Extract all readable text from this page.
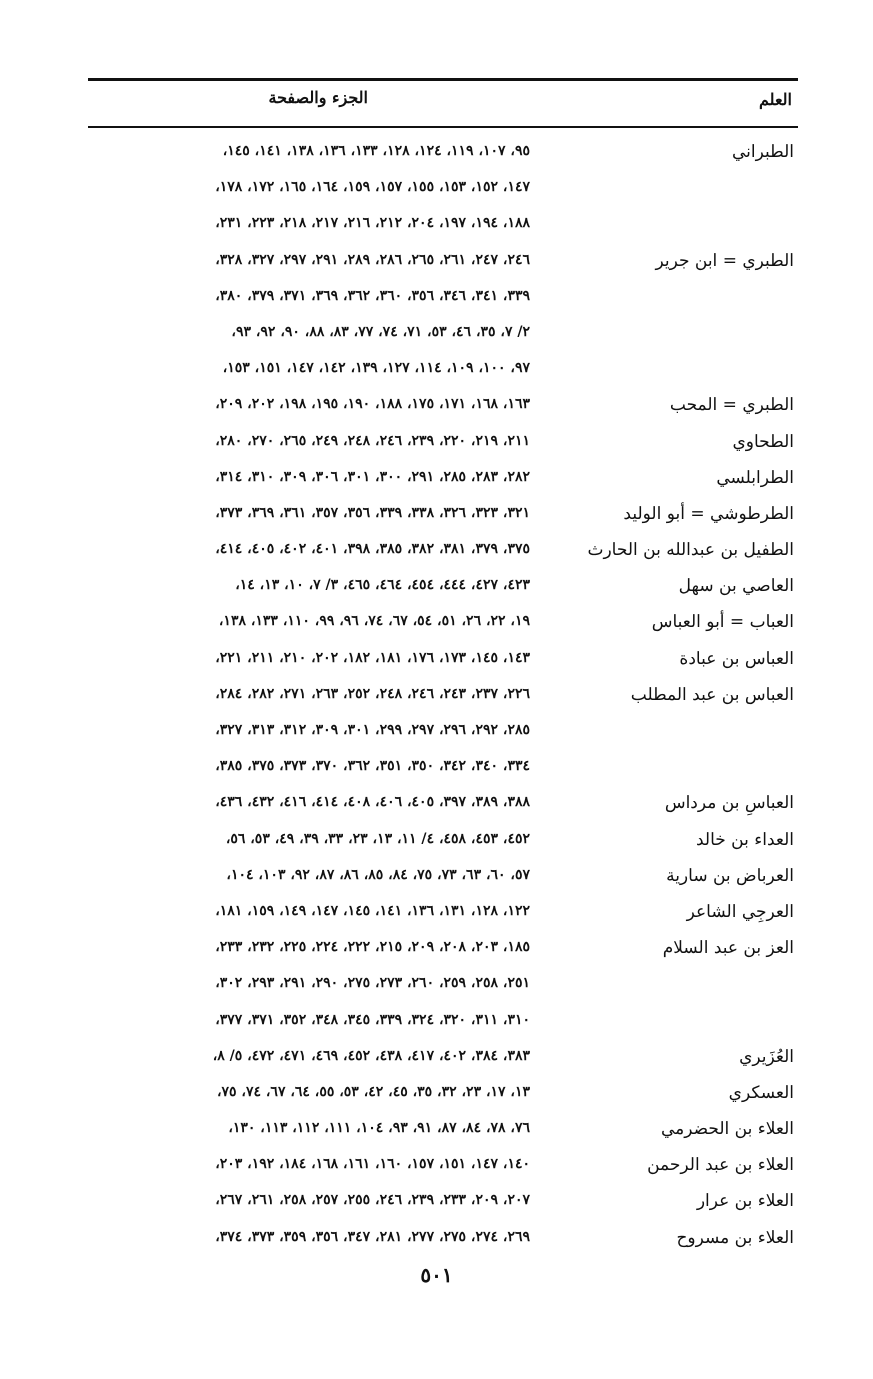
العلم
الجزء والصفحة
الطبراني
٩٥، ١٠٧، ١١٩، ١٢٤، ١٢٨، ١٣٣، ١٣٦، ١٣٨، ١٤١، ١٤٥،
١٤٧، ١٥٢، ١٥٣، ١٥٥، ١٥٧، ١٥٩، ١٦٤، ١٦٥، ١٧٢، ١٧٨،
١٨٨، ١٩٤، ١٩٧، ٢٠٤، ٢١٢، ٢١٦، ٢١٧، ٢١٨، ٢٢٣، ٢٣١،
الطبري = ابن جرير
٢٤٦، ٢٤٧، ٢٦١، ٢٦٥، ٢٨٦، ٢٨٩، ٢٩١، ٢٩٧، ٣٢٧، ٣٢٨،
٣٣٩، ٣٤١، ٣٤٦، ٣٥٦، ٣٦٠، ٣٦٢، ٣٦٩، ٣٧١، ٣٧٩، ٣٨٠،
٢/ ٧، ٣٥، ٤٦، ٥٣، ٧١، ٧٤، ٧٧، ٨٣، ٨٨، ٩٠، ٩٢، ٩٣،
٩٧، ١٠٠، ١٠٩، ١١٤، ١٢٧، ١٣٩، ١٤٢، ١٤٧، ١٥١، ١٥٣،
الطبري = المحب
١٦٣، ١٦٨، ١٧١، ١٧٥، ١٨٨، ١٩٠، ١٩٥، ١٩٨، ٢٠٢، ٢٠٩،
الطحاوي
٢١١، ٢١٩، ٢٢٠، ٢٣٩، ٢٤٦، ٢٤٨، ٢٤٩، ٢٦٥، ٢٧٠، ٢٨٠،
الطرابلسي
٢٨٢، ٢٨٣، ٢٨٥، ٢٩١، ٣٠٠، ٣٠١، ٣٠٦، ٣٠٩، ٣١٠، ٣١٤،
الطرطوشي = أبو الوليد
٣٢١، ٣٢٣، ٣٢٦، ٣٣٨، ٣٣٩، ٣٥٦، ٣٥٧، ٣٦١، ٣٦٩، ٣٧٣،
الطفيل بن عبدالله بن الحارث
٣٧٥، ٣٧٩، ٣٨١، ٣٨٢، ٣٨٥، ٣٩٨، ٤٠١، ٤٠٢، ٤٠٥، ٤١٤،
العاصي بن سهل
٤٢٣، ٤٢٧، ٤٤٤، ٤٥٤، ٤٦٤، ٤٦٥، ٣/ ٧، ١٠، ١٣، ١٤،
العباب = أبو العباس
١٩، ٢٢، ٢٦، ٥١، ٥٤، ٦٧، ٧٤، ٩٦، ٩٩، ١١٠، ١٣٣، ١٣٨،
العباس بن عبادة
١٤٣، ١٤٥، ١٧٣، ١٧٦، ١٨١، ١٨٢، ٢٠٢، ٢١٠، ٢١١، ٢٢١،
العباس بن عبد المطلب
٢٢٦، ٢٣٧، ٢٤٣، ٢٤٦، ٢٤٨، ٢٥٢، ٢٦٣، ٢٧١، ٢٨٢، ٢٨٤،
٢٨٥، ٢٩٢، ٢٩٦، ٢٩٧، ٢٩٩، ٣٠١، ٣٠٩، ٣١٢، ٣١٣، ٣٢٧،
٣٣٤، ٣٤٠، ٣٤٢، ٣٥٠، ٣٥١، ٣٦٢، ٣٧٠، ٣٧٣، ٣٧٥، ٣٨٥،
العباسِ بن مرداس
٣٨٨، ٣٨٩، ٣٩٧، ٤٠٥، ٤٠٦، ٤٠٨، ٤١٤، ٤١٦، ٤٣٢، ٤٣٦،
العداء بن خالد
٤٥٢، ٤٥٣، ٤٥٨، ٤/ ١١، ١٣، ٢٣، ٣٣، ٣٩، ٤٩، ٥٣، ٥٦،
العرباض بن سارية
٥٧، ٦٠، ٦٣، ٧٣، ٧٥، ٨٤، ٨٥، ٨٦، ٨٧، ٩٢، ١٠٣، ١٠٤،
العرجِي الشاعر
١٢٢، ١٢٨، ١٣١، ١٣٦، ١٤١، ١٤٥، ١٤٧، ١٤٩، ١٥٩، ١٨١،
العز بن عبد السلام
١٨٥، ٢٠٣، ٢٠٨، ٢٠٩، ٢١٥، ٢٢٢، ٢٢٤، ٢٢٥، ٢٣٢، ٢٣٣،
٢٥١، ٢٥٨، ٢٥٩، ٢٦٠، ٢٧٣، ٢٧٥، ٢٩٠، ٢٩١، ٢٩٣، ٣٠٢،
٣١٠، ٣١١، ٣٢٠، ٣٢٤، ٣٣٩، ٣٤٥، ٣٤٨، ٣٥٢، ٣٧١، ٣٧٧،
العُزَيري
٣٨٣، ٣٨٤، ٤٠٢، ٤١٧، ٤٣٨، ٤٥٢، ٤٦٩، ٤٧١، ٤٧٢، ٥/ ٨،
العسكري
١٣، ١٧، ٢٣، ٣٢، ٣٥، ٤٥، ٤٢، ٥٣، ٥٥، ٦٤، ٦٧، ٧٤، ٧٥،
العلاء بن الحضرمي
٧٦، ٧٨، ٨٤، ٨٧، ٩١، ٩٣، ١٠٤، ١١١، ١١٢، ١١٣، ١٣٠،
العلاء بن عبد الرحمن
١٤٠، ١٤٧، ١٥١، ١٥٧، ١٦٠، ١٦١، ١٦٨، ١٨٤، ١٩٢، ٢٠٣،
العلاء بن عرار
٢٠٧، ٢٠٩، ٢٣٣، ٢٣٩، ٢٤٦، ٢٥٥، ٢٥٧، ٢٥٨، ٢٦١، ٢٦٧،
العلاء بن مسروح
٢٦٩، ٢٧٤، ٢٧٥، ٢٧٧، ٢٨١، ٣٤٧، ٣٥٦، ٣٥٩، ٣٧٣، ٣٧٤،
٥٠١
